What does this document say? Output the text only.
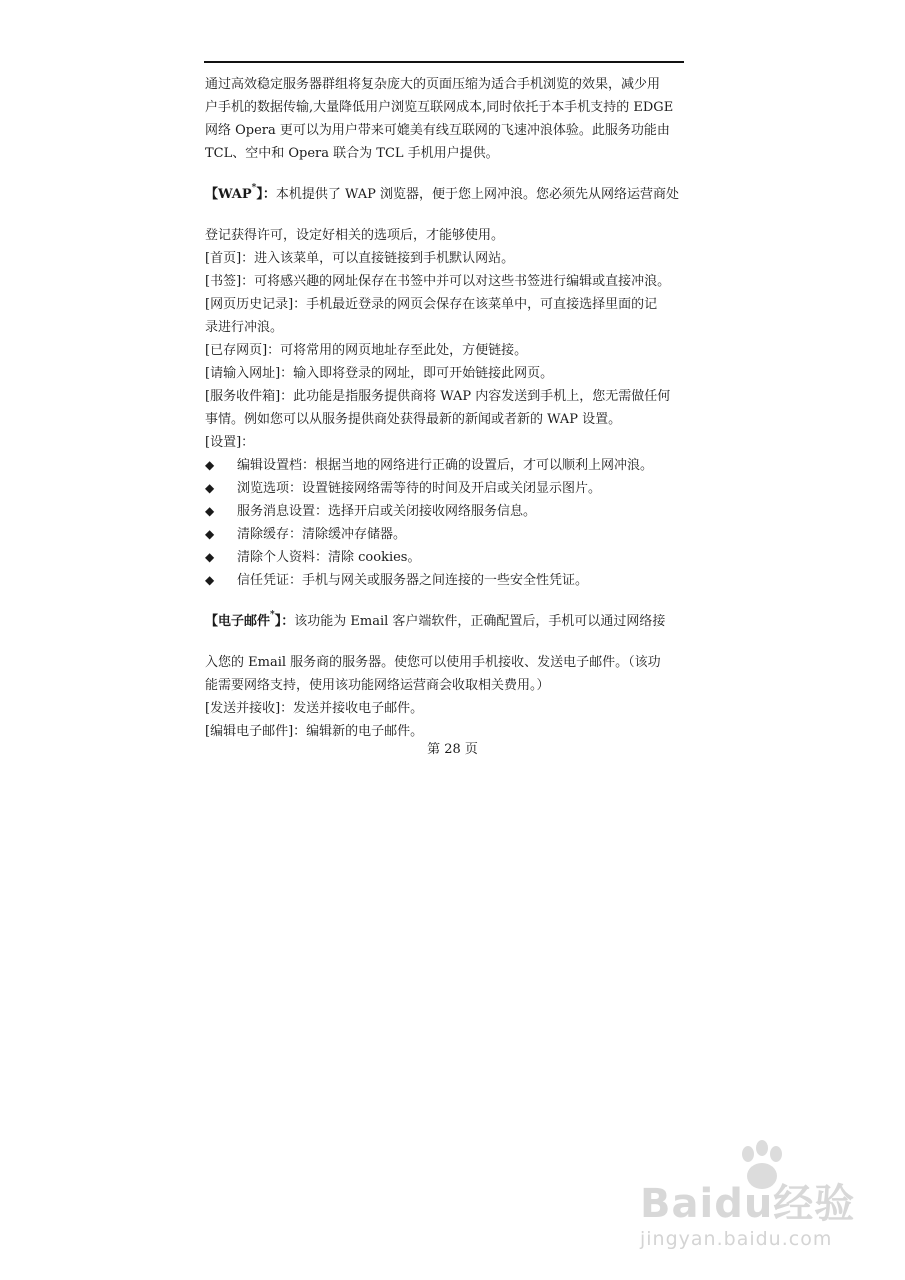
通过高效稳定服务器群组将复杂庞大的页面压缩为适合手机浏览的效果，减少用

户手机的数据传输,大量降低用户浏览互联网成本,同时依托于本手机支持的 EDGE

网络 Opera 更可以为用户带来可媲美有线互联网的飞速冲浪体验。此服务功能由

TCL、空中和 Opera 联合为 TCL 手机用户提供。

【WAP*】：本机提供了 WAP 浏览器，便于您上网冲浪。您必须先从网络运营商处

登记获得许可，设定好相关的选项后，才能够使用。

[首页]：进入该菜单，可以直接链接到手机默认网站。

[书签]：可将感兴趣的网址保存在书签中并可以对这些书签进行编辑或直接冲浪。

[网页历史记录]：手机最近登录的网页会保存在该菜单中，可直接选择里面的记

录进行冲浪。

[已存网页]：可将常用的网页地址存至此处，方便链接。

[请输入网址]：输入即将登录的网址，即可开始链接此网页。

[服务收件箱]：此功能是指服务提供商将 WAP 内容发送到手机上，您无需做任何

事情。例如您可以从服务提供商处获得最新的新闻或者新的 WAP 设置。

[设置]：

◆	编辑设置档：根据当地的网络进行正确的设置后，才可以顺利上网冲浪。
◆	浏览选项：设置链接网络需等待的时间及开启或关闭显示图片。
◆	服务消息设置：选择开启或关闭接收网络服务信息。
◆	清除缓存：清除缓冲存储器。
◆	清除个人资料：清除 cookies。
◆	信任凭证：手机与网关或服务器之间连接的一些安全性凭证。

【电子邮件*】：该功能为 Email 客户端软件，正确配置后，手机可以通过网络接

入您的 Email 服务商的服务器。使您可以使用手机接收、发送电子邮件。（该功

能需要网络支持，使用该功能网络运营商会收取相关费用。）

[发送并接收]：发送并接收电子邮件。

[编辑电子邮件]：编辑新的电子邮件。

第 28 页
Baidu经验
jingyan.baidu.com
